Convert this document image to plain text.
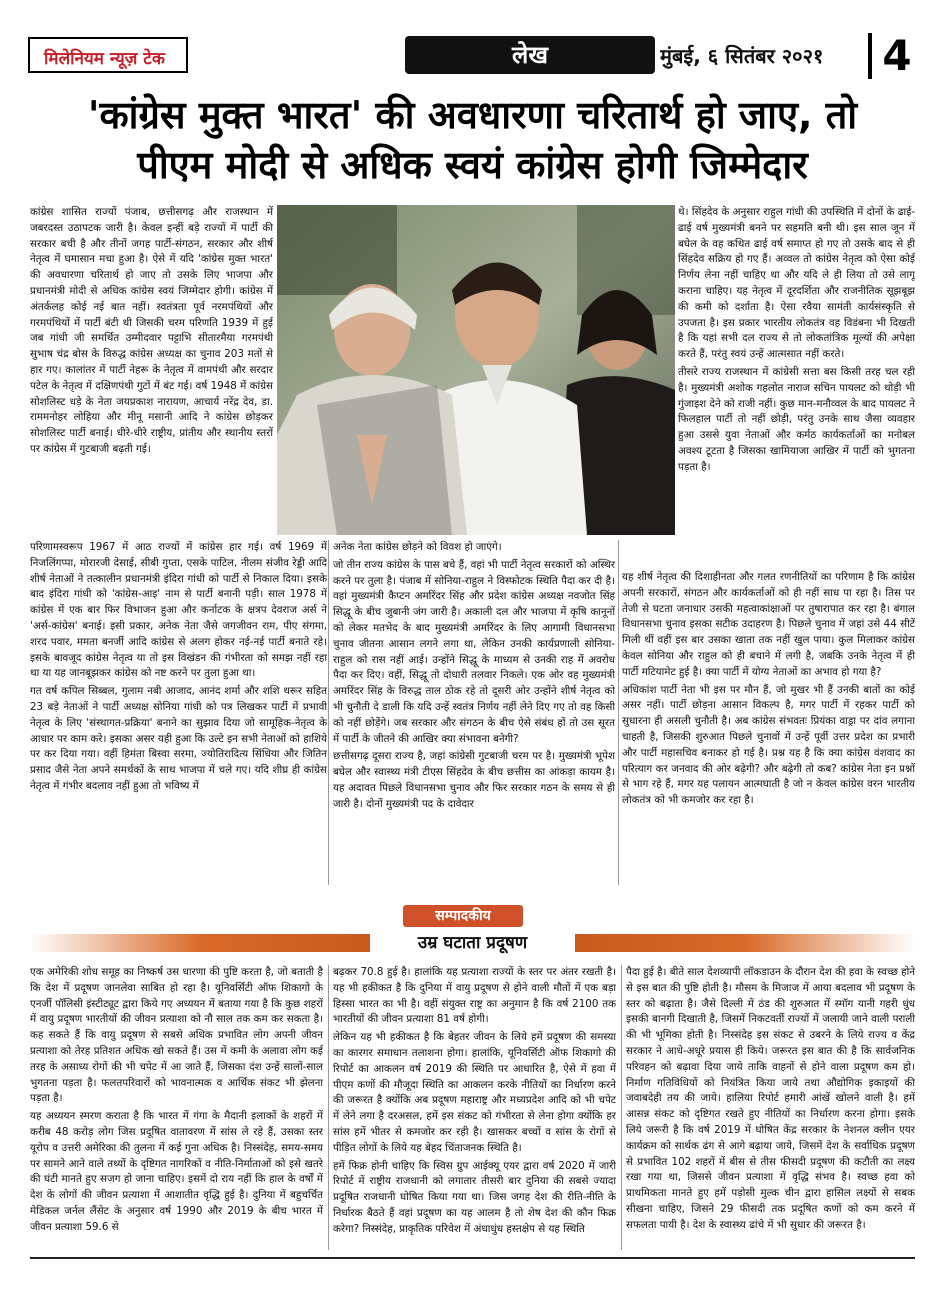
मिलेनियम न्यूज़ टेक	लेख	मुंबई, ६ सितंबर २०२१	4
'कांग्रेस मुक्त भारत' की अवधारणा चरितार्थ हो जाए, तो
पीएम मोदी से अधिक स्वयं कांग्रेस होगी जिम्मेदार

कांग्रेस शासित राज्यों पंजाब, छत्तीसगढ़ और राजस्थान में जबरदस्त उठापटक जारी है। केवल इन्हीं बड़े राज्यों में पार्टी की सरकार बची है और तीनों जगह पार्टी-संगठन, सरकार और शीर्ष नेतृत्व में घमासान मचा हुआ है। ऐसे में यदि 'कांग्रेस मुक्त भारत' की अवधारणा चरितार्थ हो जाए तो उसके लिए भाजपा और प्रधानमंत्री मोदी से अधिक कांग्रेस स्वयं जिम्मेदार होगी। कांग्रेस में अंतर्कलह कोई नई बात नहीं। स्वतंत्रता पूर्व नरमपंथियों और गरमपंथियों में पार्टी बंटी थी जिसकी चरम परिणति 1939 में हुई जब गांधी जी समर्थित उम्मीदवार पट्टाभि सीतारमैया गरमपंथी सुभाष चंद्र बोस के विरुद्ध कांग्रेस अध्यक्ष का चुनाव 203 मतों से हार गए। कालांतर में पार्टी नेहरू के नेतृत्व में वामपंथी और सरदार पटेल के नेतृत्व में दक्षिणपंथी गुटों में बंट गई। वर्ष 1948 में कांग्रेस सोशलिस्ट धड़े के नेता जयप्रकाश नारायण, आचार्य नरेंद्र देव, डा. राममनोहर लोहिया और मीनू मसानी आदि ने कांग्रेस छोड़कर सोशलिस्ट पार्टी बनाई। धीरे-धीरे राष्ट्रीय, प्रांतीय और स्थानीय स्तरों पर कांग्रेस में गुटबाजी बढ़ती गई।

परिणामस्वरूप 1967 में आठ राज्यों में कांग्रेस हार गई। वर्ष 1969 में निजलिंगप्पा, मोरारजी देसाई, सीबी गुप्ता, एसके पाटिल, नीलम संजीव रेड्डी आदि शीर्ष नेताओं ने तत्कालीन प्रधानमंत्री इंदिरा गांधी को पार्टी से निकाल दिया। इसके बाद इंदिरा गांधी को 'कांग्रेस-आइ' नाम से पार्टी बनानी पड़ी। साल 1978 में कांग्रेस में एक बार फिर विभाजन हुआ और कर्नाटक के क्षत्रप देवराज अर्स ने 'अर्स-कांग्रेस' बनाई। इसी प्रकार, अनेक नेता जैसे जगजीवन राम, पीए संगमा, शरद पवार, ममता बनर्जी आदि कांग्रेस से अलग होकर नई-नई पार्टी बनाते रहे। इसके बावजूद कांग्रेस नेतृत्व या तो इस विखंडन की गंभीरता को समझ नहीं रहा था या यह जानबूझकर कांग्रेस को नष्ट करने पर तुला हुआ था।

गत वर्ष कपिल सिब्बल, गुलाम नबी आजाद, आनंद शर्मा और शशि थरूर सहित 23 बड़े नेताओं ने पार्टी अध्यक्ष सोनिया गांधी को पत्र लिखकर पार्टी में प्रभावी नेतृत्व के लिए 'संस्थागत-प्रक्रिया' बनाने का सुझाव दिया जो सामूहिक-नेतृत्व के आधार पर काम करे। इसका असर यही हुआ कि उल्टे इन सभी नेताओं को हाशिये पर कर दिया गया। वहीं हिमंता बिस्वा सरमा, ज्योतिरादित्य सिंधिया और जितिन प्रसाद जैसे नेता अपने समर्थकों के साथ भाजपा में चले गए। यदि शीघ्र ही कांग्रेस नेतृत्व में गंभीर बदलाव नहीं हुआ तो भविष्य में

अनेक नेता कांग्रेस छोड़ने को विवश हो जाएंगे।

जो तीन राज्य कांग्रेस के पास बचे हैं, वहां भी पार्टी नेतृत्व सरकारों को अस्थिर करने पर तुला है। पंजाब में सोनिया-राहुल ने विस्फोटक स्थिति पैदा कर दी है। वहां मुख्यमंत्री कैप्टन अमरिंदर सिंह और प्रदेश कांग्रेस अध्यक्ष नवजोत सिंह सिद्धू के बीच जुबानी जंग जारी है। अकाली दल और भाजपा में कृषि कानूनों को लेकर मतभेद के बाद मुख्यमंत्री अमरिंदर के लिए आगामी विधानसभा चुनाव जीतना आसान लगने लगा था, लेकिन उनकी कार्यप्रणाली सोनिया-राहुल को रास नहीं आई। उन्होंने सिद्धू के माध्यम से उनकी राह में अवरोध पैदा कर दिए। वहीं, सिद्धू तो दोधारी तलवार निकले। एक ओर वह मुख्यमंत्री अमरिंदर सिंह के विरुद्ध ताल ठोक रहे तो दूसरी ओर उन्होंने शीर्ष नेतृत्व को भी चुनौती दे डाली कि यदि उन्हें स्वतंत्र निर्णय नहीं लेने दिए गए तो वह किसी को नहीं छोड़ेंगे। जब सरकार और संगठन के बीच ऐसे संबंध हों तो उस सूरत में पार्टी के जीतने की आखिर क्या संभावना बनेगी?

छत्तीसगढ़ दूसरा राज्य है, जहां कांग्रेसी गुटबाजी चरम पर है। मुख्यमंत्री भूपेश बघेल और स्वास्थ्य मंत्री टीएस सिंहदेव के बीच छत्तीस का आंकड़ा कायम है। यह अदावत पिछले विधानसभा चुनाव और फिर सरकार गठन के समय से ही जारी है। दोनों मुख्यमंत्री पद के दावेदार

थे। सिंहदेव के अनुसार राहुल गांधी की उपस्थिति में दोनों के ढाई-ढाई वर्ष मुख्यमंत्री बनने पर सहमति बनी थी। इस साल जून में बघेल के वह कथित ढाई वर्ष समाप्त हो गए तो उसके बाद से ही सिंहदेव सक्रिय हो गए हैं। अव्वल तो कांग्रेस नेतृत्व को ऐसा कोई निर्णय लेना नहीं चाहिए था और यदि ले ही लिया तो उसे लागू कराना चाहिए। यह नेतृत्व में दूरदर्शिता और राजनीतिक सूझबूझ की कमी को दर्शाता है। ऐसा रवैया सामंती कार्यसंस्कृति से उपजता है। इस प्रकार भारतीय लोकतंत्र वह विडंबना भी दिखती है कि यहां सभी दल राज्य से तो लोकतांत्रिक मूल्यों की अपेक्षा करते हैं, परंतु स्वयं उन्हें आत्मसात नहीं करते।

तीसरे राज्य राजस्थान में कांग्रेसी सत्ता बस किसी तरह चल रही है। मुख्यमंत्री अशोक गहलोत नाराज सचिन पायलट को थोड़ी भी गुंजाइश देने को राजी नहीं। कुछ मान-मनौव्वल के बाद पायलट ने फिलहाल पार्टी तो नहीं छोड़ी, परंतु उनके साथ जैसा व्यवहार हुआ उससे युवा नेताओं और कर्मठ कार्यकर्ताओं का मनोबल अवश्य टूटता है जिसका खामियाजा आखिर में पार्टी को भुगतना पड़ता है।

यह शीर्ष नेतृत्व की दिशाहीनता और गलत रणनीतियों का परिणाम है कि कांग्रेस अपनी सरकारों, संगठन और कार्यकर्ताओं को ही नहीं साध पा रहा है। तिस पर तेजी से घटता जनाधार उसकी महत्वाकांक्षाओं पर तुषारापात कर रहा है। बंगाल विधानसभा चुनाव इसका सटीक उदाहरण है। पिछले चुनाव में जहां उसे 44 सीटें मिली थीं वहीं इस बार उसका खाता तक नहीं खुल पाया। कुल मिलाकर कांग्रेस केवल सोनिया और राहुल को ही बचाने में लगी है, जबकि उनके नेतृत्व में ही पार्टी मटियामेट हुई है। क्या पार्टी में योग्य नेताओं का अभाव हो गया है?

अधिकांश पार्टी नेता भी इस पर मौन हैं, जो मुखर भी हैं उनकी बातों का कोई असर नहीं। पार्टी छोड़ना आसान विकल्प है, मगर पार्टी में रहकर पार्टी को सुधारना ही असली चुनौती है। अब कांग्रेस संभवतः प्रियंका वाड्रा पर दांव लगाना चाहती है, जिसकी शुरुआत पिछले चुनावों में उन्हें पूर्वी उत्तर प्रदेश का प्रभारी और पार्टी महासचिव बनाकर हो गई है। प्रश्न यह है कि क्या कांग्रेस वंशवाद का परित्याग कर जनवाद की ओर बढ़ेगी? और बढ़ेगी तो कब? कांग्रेस नेता इन प्रश्नों से भाग रहे हैं, मगर यह पलायन आत्मघाती है जो न केवल कांग्रेस वरन भारतीय लोकतंत्र को भी कमजोर कर रहा है।

सम्पादकीय
उम्र घटाता प्रदूषण

एक अमेरिकी शोध समूह का निष्कर्ष उस धारणा की पुष्टि करता है, जो बताती है कि देश में प्रदूषण जानलेवा साबित हो रहा है। यूनिवर्सिटी ऑफ शिकागो के एनर्जी पॉलिसी इंस्टीट्यूट द्वारा किये गए अध्ययन में बताया गया है कि कुछ शहरों में वायु प्रदूषण भारतीयों की जीवन प्रत्याशा को नौ साल तक कम कर सकता है। कह सकते हैं कि वायु प्रदूषण से सबसे अधिक प्रभावित लोग अपनी जीवन प्रत्याशा को तेरह प्रतिशत अधिक खो सकते हैं। उस में कमी के अलावा लोग कई तरह के असाध्य रोगों की भी चपेट में आ जाते हैं, जिसका दंश उन्हें सालों-साल भुगतना पड़ता है। फलतपरिवारों को भावनात्मक व आर्थिक संकट भी झेलना पड़ता है।

यह अध्ययन स्मरण कराता है कि भारत में गंगा के मैदानी इलाकों के शहरों में करीब 48 करोड़ लोग जिस प्रदूषित वातावरण में सांस ले रहे हैं, उसका स्तर यूरोप व उत्तरी अमेरिका की तुलना में कई गुना अधिक है। निस्संदेह, समय-समय पर सामने आने वाले तथ्यों के दृष्टिगत नागरिकों व नीति-निर्माताओं को इसे खतरे की घंटी मानते हुए सजग हो जाना चाहिए। इसमें दो राय नहीं कि हाल के वर्षों में देश के लोगों की जीवन प्रत्याशा में आशातीत वृद्धि हुई है। दुनिया में बहुचर्चित मेडिकल जर्नल लैंसेट के अनुसार वर्ष 1990 और 2019 के बीच भारत में जीवन प्रत्याशा 59.6 से

बढ़कर 70.8 हुई है। हालांकि यह प्रत्याशा राज्यों के स्तर पर अंतर रखती है। यह भी हकीकत है कि दुनिया में वायु प्रदूषण से होने वाली मौतों में एक बड़ा हिस्सा भारत का भी है। वहीं संयुक्त राष्ट्र का अनुमान है कि वर्ष 2100 तक भारतीयों की जीवन प्रत्याशा 81 वर्ष होगी।

लेकिन यह भी हकीकत है कि बेहतर जीवन के लिये हमें प्रदूषण की समस्या का कारगर समाधान तलाशना होगा। हालांकि, यूनिवर्सिटी ऑफ शिकागो की रिपोर्ट का आकलन वर्ष 2019 की स्थिति पर आधारित है, ऐसे में हवा में पीएम कणों की मौजूदा स्थिति का आकलन करके नीतियों का निर्धारण करने की जरूरत है क्योंकि अब प्रदूषण महाराष्ट्र और मध्यप्रदेश आदि को भी चपेट में लेने लगा है दरअसल, हमें इस संकट को गंभीरता से लेना होगा क्योंकि हर सांस हमें भीतर से कमजोर कर रही है। खासकर बच्चों व सांस के रोगों से पीड़ित लोगों के लिये यह बेहद चिंताजनक स्थिति है।

हमें फिक्र होनी चाहिए कि स्विस ग्रुप आईक्यू एयर द्वारा वर्ष 2020 में जारी रिपोर्ट में राष्ट्रीय राजधानी को लगातार तीसरी बार दुनिया की सबसे ज्यादा प्रदूषित राजधानी घोषित किया गया था। जिस जगह देश की रीति-नीति के निर्धारक बैठते हैं वहां प्रदूषण का यह आलम है तो शेष देश की कौन फिक्र करेगा? निस्संदेह, प्राकृतिक परिवेश में अंधाधुंध हस्तक्षेप से यह स्थिति

पैदा हुई है। बीते साल देशव्यापी लॉकडाउन के दौरान देश की हवा के स्वच्छ होने से इस बात की पुष्टि होती है। मौसम के मिजाज में आया बदलाव भी प्रदूषण के स्तर को बढ़ाता है। जैसे दिल्ली में ठंड की शुरुआत में स्मॉग यानी गहरी धुंध इसकी बानगी दिखाती है, जिसमें निकटवर्ती राज्यों में जलायी जाने वाली पराली की भी भूमिका होती है। निस्संदेह इस संकट से उबरने के लिये राज्य व केंद्र सरकार ने आधे-अधूरे प्रयास ही किये। जरूरत इस बात की है कि सार्वजनिक परिवहन को बढ़ावा दिया जाये ताकि वाहनों से होने वाला प्रदूषण कम हो। निर्माण गतिविधियों को नियंत्रित किया जाये तथा औद्योगिक इकाइयों की जवाबदेही तय की जाये। हालिया रिपोर्ट हमारी आंखें खोलने वाली है। हमें आसन्न संकट को दृष्टिगत रखते हुए नीतियों का निर्धारण करना होगा। इसके लिये जरूरी है कि वर्ष 2019 में घोषित केंद्र सरकार के नेशनल क्लीन एयर कार्यक्रम को सार्थक ढंग से आगे बढ़ाया जाये, जिसमें देश के सर्वाधिक प्रदूषण से प्रभावित 102 शहरों में बीस से तीस फीसदी प्रदूषण की कटौती का लक्ष्य रखा गया था, जिससे जीवन प्रत्याशा में वृद्धि संभव है। स्वच्छ हवा को प्राथमिकता मानते हुए हमें पड़ोसी मुल्क चीन द्वारा हासिल लक्ष्यों से सबक सीखना चाहिए, जिसने 29 फीसदी तक प्रदूषित कणों को कम करने में सफलता पायी है। देश के स्वास्थ्य ढांचे में भी सुधार की जरूरत है।
